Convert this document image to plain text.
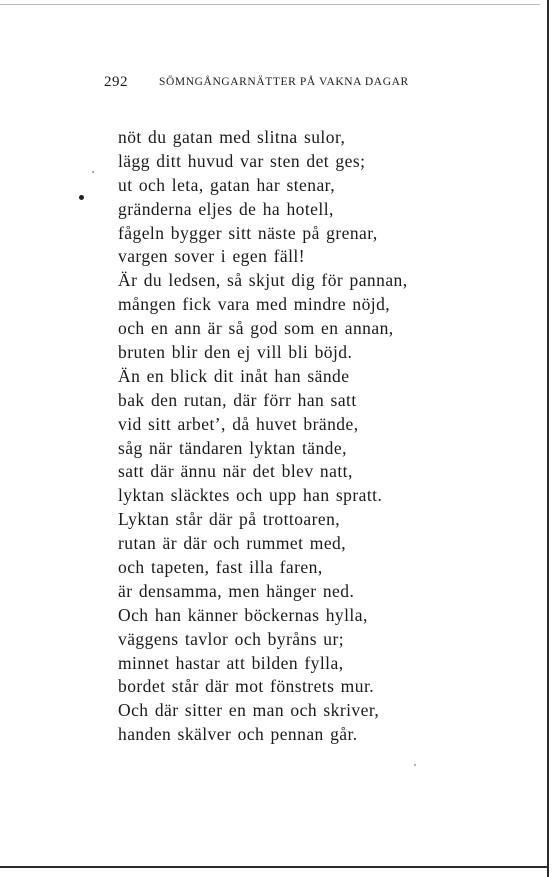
292	SÖMNGÅNGARNÄTTER PÅ VAKNA DAGAR
nöt du gatan med slitna sulor,
lägg ditt huvud var sten det ges;
ut och leta, gatan har stenar,
gränderna eljes de ha hotell,
fågeln bygger sitt näste på grenar,
vargen sover i egen fäll!
Är du ledsen, så skjut dig för pannan,
mången fick vara med mindre nöjd,
och en ann är så god som en annan,
bruten blir den ej vill bli böjd.
Än en blick dit inåt han sände
bak den rutan, där förr han satt
vid sitt arbet’, då huvet brände,
såg när tändaren lyktan tände,
satt där ännu när det blev natt,
lyktan släcktes och upp han spratt.
Lyktan står där på trottoaren,
rutan är där och rummet med,
och tapeten, fast illa faren,
är densamma, men hänger ned.
Och han känner böckernas hylla,
väggens tavlor och byråns ur;
minnet hastar att bilden fylla,
bordet står där mot fönstrets mur.
Och där sitter en man och skriver,
handen skälver och pennan går.
